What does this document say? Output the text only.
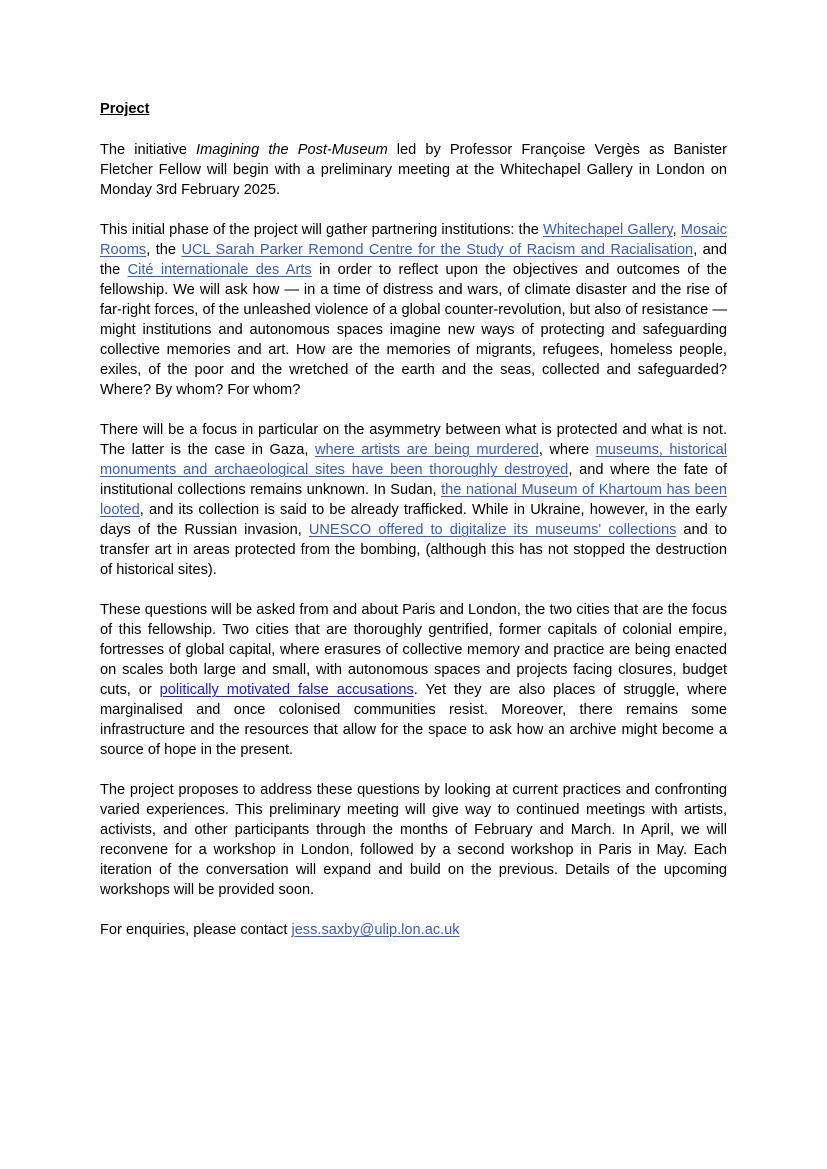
Project

The initiative Imagining the Post-Museum led by Professor Françoise Vergès as Banister Fletcher Fellow will begin with a preliminary meeting at the Whitechapel Gallery in London on Monday 3rd February 2025.

This initial phase of the project will gather partnering institutions: the Whitechapel Gallery, Mosaic Rooms, the UCL Sarah Parker Remond Centre for the Study of Racism and Racialisation, and the Cité internationale des Arts in order to reflect upon the objectives and outcomes of the fellowship. We will ask how — in a time of distress and wars, of climate disaster and the rise of far-right forces, of the unleashed violence of a global counter-revolution, but also of resistance — might institutions and autonomous spaces imagine new ways of protecting and safeguarding collective memories and art. How are the memories of migrants, refugees, homeless people, exiles, of the poor and the wretched of the earth and the seas, collected and safeguarded? Where? By whom? For whom?

There will be a focus in particular on the asymmetry between what is protected and what is not. The latter is the case in Gaza, where artists are being murdered, where museums, historical monuments and archaeological sites have been thoroughly destroyed, and where the fate of institutional collections remains unknown. In Sudan, the national Museum of Khartoum has been looted, and its collection is said to be already trafficked. While in Ukraine, however, in the early days of the Russian invasion, UNESCO offered to digitalize its museums' collections and to transfer art in areas protected from the bombing, (although this has not stopped the destruction of historical sites).

These questions will be asked from and about Paris and London, the two cities that are the focus of this fellowship. Two cities that are thoroughly gentrified, former capitals of colonial empire, fortresses of global capital, where erasures of collective memory and practice are being enacted on scales both large and small, with autonomous spaces and projects facing closures, budget cuts, or politically motivated false accusations. Yet they are also places of struggle, where marginalised and once colonised communities resist. Moreover, there remains some infrastructure and the resources that allow for the space to ask how an archive might become a source of hope in the present.

The project proposes to address these questions by looking at current practices and confronting varied experiences. This preliminary meeting will give way to continued meetings with artists, activists, and other participants through the months of February and March. In April, we will reconvene for a workshop in London, followed by a second workshop in Paris in May. Each iteration of the conversation will expand and build on the previous. Details of the upcoming workshops will be provided soon.

For enquiries, please contact jess.saxby@ulip.lon.ac.uk
